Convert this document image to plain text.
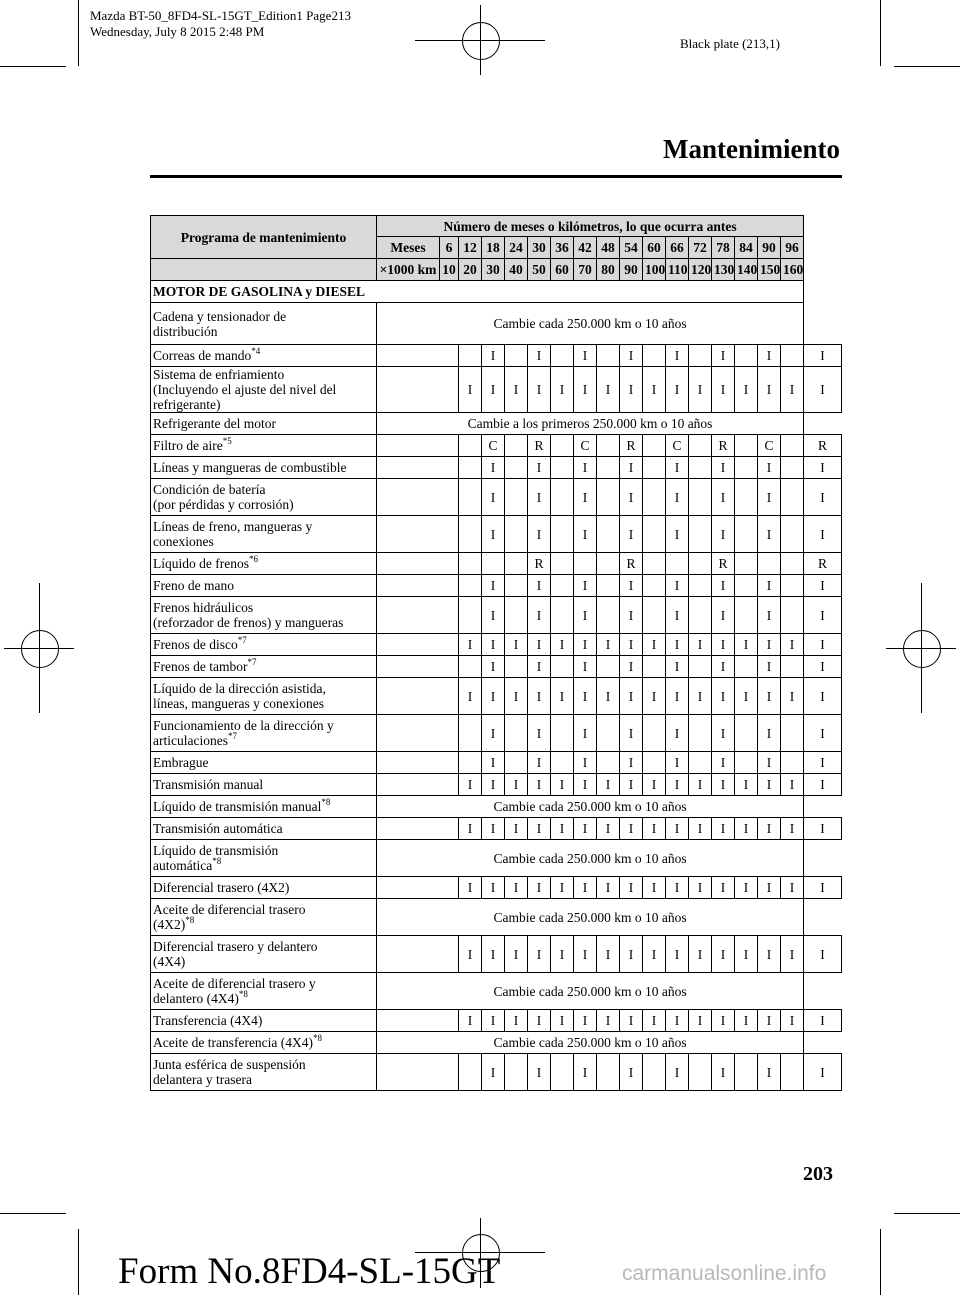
Mazda BT-50_8FD4-SL-15GT_Edition1 Page213
Wednesday, July 8 2015 2:48 PM
Black plate (213,1)
Mantenimiento
Programa de mantenimiento	Número de meses o kilómetros, lo que ocurra antes																	
	Meses	6	12	18	24	30	36	42	48	54	60	66	72	78	84	90	96	
	×1000 km	10	20	30	40	50	60	70	80	90	100	110	120	130	140	150	160	
MOTOR DE GASOLINA y DIESEL																		
Cadena y tensionador de
distribución	Cambie cada 250.000 km o 10 años																	
Correas de mando$^{*4}$				I		I		I		I		I		I		I		I
Sistema de enfriamiento
(Incluyendo el ajuste del nivel del
refrigerante)			I	I	I	I	I	I	I	I	I	I	I	I	I	I	I	I
Refrigerante del motor	Cambie a los primeros 250.000 km o 10 años																	
Filtro de aire$^{*5}$				C		R		C		R		C		R		C		R
Líneas y mangueras de combustible				I		I		I		I		I		I		I		I
Condición de batería
(por pérdidas y corrosión)				I		I		I		I		I		I		I		I
Líneas de freno, mangueras y
conexiones				I		I		I		I		I		I		I		I
Líquido de frenos$^{*6}$						R				R				R				R
Freno de mano				I		I		I		I		I		I		I		I
Frenos hidráulicos
(reforzador de frenos) y mangueras				I		I		I		I		I		I		I		I
Frenos de disco$^{*7}$			I	I	I	I	I	I	I	I	I	I	I	I	I	I	I	I
Frenos de tambor$^{*7}$				I		I		I		I		I		I		I		I
Líquido de la dirección asistida,
líneas, mangueras y conexiones			I	I	I	I	I	I	I	I	I	I	I	I	I	I	I	I
Funcionamiento de la dirección y
articulaciones$^{*7}$				I		I		I		I		I		I		I		I
Embrague				I		I		I		I		I		I		I		I
Transmisión manual			I	I	I	I	I	I	I	I	I	I	I	I	I	I	I	I
Líquido de transmisión manual$^{*8}$	Cambie cada 250.000 km o 10 años																	
Transmisión automática			I	I	I	I	I	I	I	I	I	I	I	I	I	I	I	I
Líquido de transmisión
automática$^{*8}$	Cambie cada 250.000 km o 10 años																	
Diferencial trasero (4X2)			I	I	I	I	I	I	I	I	I	I	I	I	I	I	I	I
Aceite de diferencial trasero
$(4X2)^{*8}$	Cambie cada 250.000 km o 10 años																	
Diferencial trasero y delantero
(4X4)			I	I	I	I	I	I	I	I	I	I	I	I	I	I	I	I
Aceite de diferencial trasero y
delantero $(4X4)^{*8}$	Cambie cada 250.000 km o 10 años																	
Transferencia (4X4)			I	I	I	I	I	I	I	I	I	I	I	I	I	I	I	I
Aceite de transferencia $(4X4)^{*8}$	Cambie cada 250.000 km o 10 años																	
Junta esférica de suspensión
delantera y trasera				I		I		I		I		I		I		I		I
203
Form No.8FD4-SL-15GT	carmanualsonline.info
